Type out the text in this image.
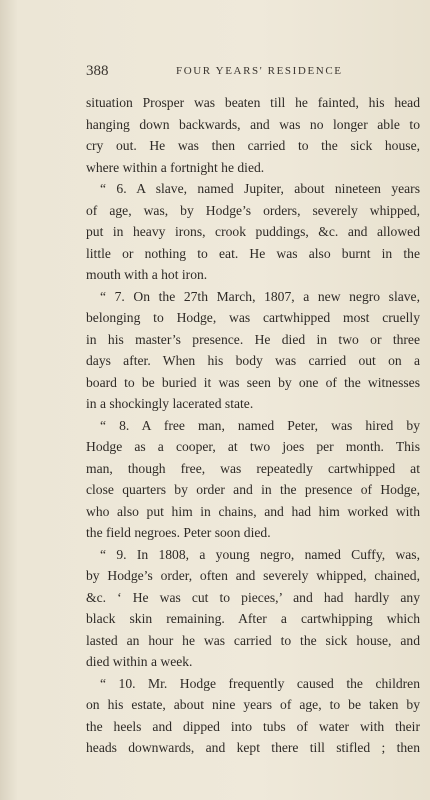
388	FOUR YEARS' RESIDENCE
situation Prosper was beaten till he fainted, his head
hanging down backwards, and was no longer able to
cry out. He was then carried to the sick house,
where within a fortnight he died.
“ 6. A slave, named Jupiter, about nineteen years
of age, was, by Hodge’s orders, severely whipped,
put in heavy irons, crook puddings, &c. and allowed
little or nothing to eat. He was also burnt in the
mouth with a hot iron.
“ 7. On the 27th March, 1807, a new negro slave,
belonging to Hodge, was cartwhipped most cruelly
in his master’s presence. He died in two or three
days after. When his body was carried out on a
board to be buried it was seen by one of the witnesses
in a shockingly lacerated state.
“ 8. A free man, named Peter, was hired by
Hodge as a cooper, at two joes per month. This
man, though free, was repeatedly cartwhipped at
close quarters by order and in the presence of Hodge,
who also put him in chains, and had him worked with
the field negroes. Peter soon died.
“ 9. In 1808, a young negro, named Cuffy, was,
by Hodge’s order, often and severely whipped, chained,
&c. ‘ He was cut to pieces,’ and had hardly any
black skin remaining. After a cartwhipping which
lasted an hour he was carried to the sick house, and
died within a week.
“ 10. Mr. Hodge frequently caused the children
on his estate, about nine years of age, to be taken by
the heels and dipped into tubs of water with their
heads downwards, and kept there till stifled ; then
